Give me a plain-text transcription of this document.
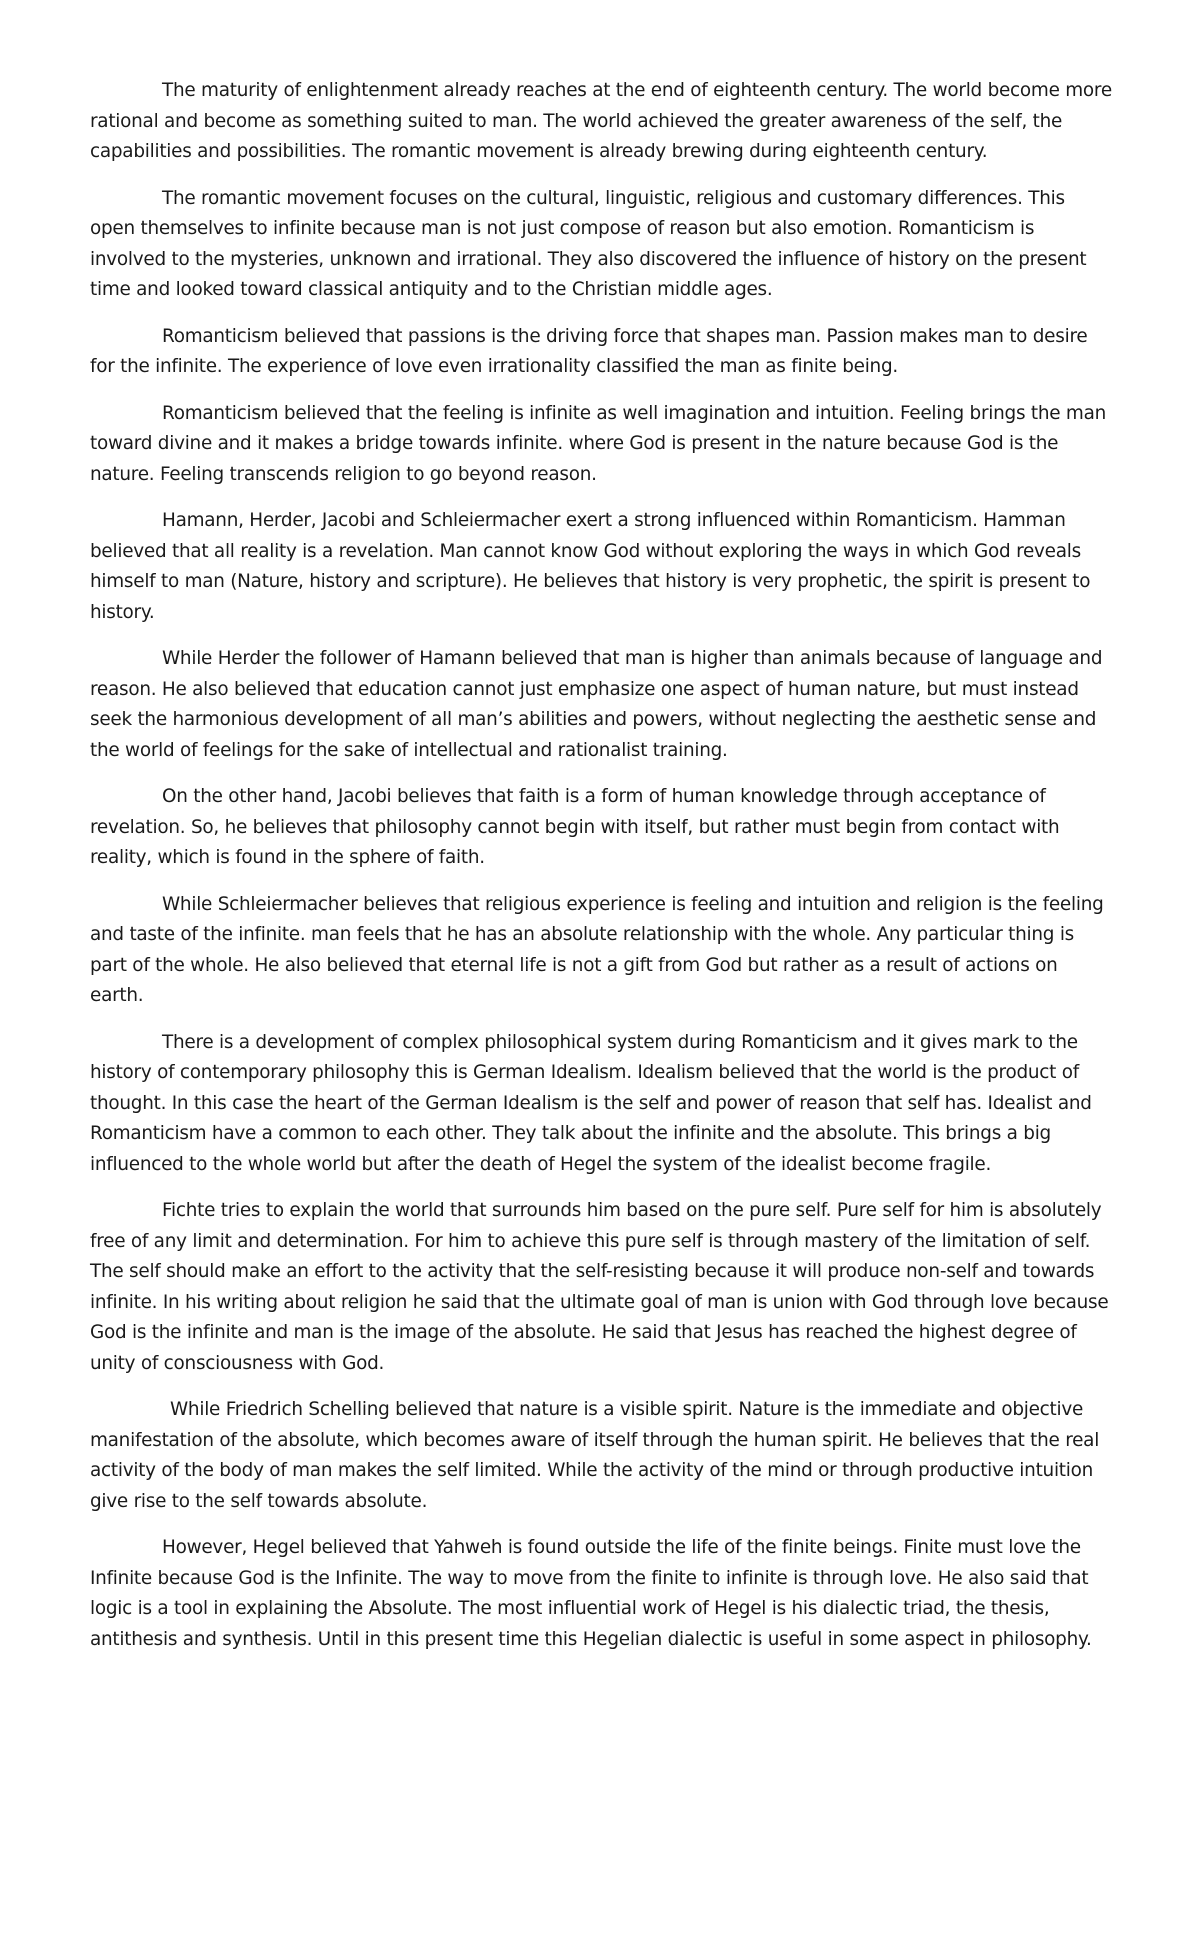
The maturity of enlightenment already reaches at the end of eighteenth century. The world become more rational and become as something suited to man. The world achieved the greater awareness of the self, the capabilities and possibilities. The romantic movement is already brewing during eighteenth century.

The romantic movement focuses on the cultural, linguistic, religious and customary differences. This open themselves to infinite because man is not just compose of reason but also emotion. Romanticism is involved to the mysteries, unknown and irrational. They also discovered the influence of history on the present time and looked toward classical antiquity and to the Christian middle ages.

Romanticism believed that passions is the driving force that shapes man. Passion makes man to desire for the infinite. The experience of love even irrationality classified the man as finite being.

Romanticism believed that the feeling is infinite as well imagination and intuition. Feeling brings the man toward divine and it makes a bridge towards infinite. where God is present in the nature because God is the nature. Feeling transcends religion to go beyond reason.

Hamann, Herder, Jacobi and Schleiermacher exert a strong influenced within Romanticism. Hamman believed that all reality is a revelation. Man cannot know God without exploring the ways in which God reveals himself to man (Nature, history and scripture). He believes that history is very prophetic, the spirit is present to history.

While Herder the follower of Hamann believed that man is higher than animals because of language and reason. He also believed that education cannot just emphasize one aspect of human nature, but must instead seek the harmonious development of all man’s abilities and powers, without neglecting the aesthetic sense and the world of feelings for the sake of intellectual and rationalist training.

On the other hand, Jacobi believes that faith is a form of human knowledge through acceptance of revelation. So, he believes that philosophy cannot begin with itself, but rather must begin from contact with reality, which is found in the sphere of faith.

While Schleiermacher believes that religious experience is feeling and intuition and religion is the feeling and taste of the infinite. man feels that he has an absolute relationship with the whole. Any particular thing is part of the whole. He also believed that eternal life is not a gift from God but rather as a result of actions on earth.

There is a development of complex philosophical system during Romanticism and it gives mark to the history of contemporary philosophy this is German Idealism. Idealism believed that the world is the product of thought. In this case the heart of the German Idealism is the self and power of reason that self has. Idealist and Romanticism have a common to each other. They talk about the infinite and the absolute. This brings a big influenced to the whole world but after the death of Hegel the system of the idealist become fragile.

Fichte tries to explain the world that surrounds him based on the pure self. Pure self for him is absolutely free of any limit and determination. For him to achieve this pure self is through mastery of the limitation of self. The self should make an effort to the activity that the self-resisting because it will produce non-self and towards infinite. In his writing about religion he said that the ultimate goal of man is union with God through love because God is the infinite and man is the image of the absolute. He said that Jesus has reached the highest degree of unity of consciousness with God.

While Friedrich Schelling believed that nature is a visible spirit. Nature is the immediate and objective manifestation of the absolute, which becomes aware of itself through the human spirit. He believes that the real activity of the body of man makes the self limited. While the activity of the mind or through productive intuition give rise to the self towards absolute.

However, Hegel believed that Yahweh is found outside the life of the finite beings. Finite must love the Infinite because God is the Infinite. The way to move from the finite to infinite is through love. He also said that logic is a tool in explaining the Absolute. The most influential work of Hegel is his dialectic triad, the thesis, antithesis and synthesis. Until in this present time this Hegelian dialectic is useful in some aspect in philosophy.
